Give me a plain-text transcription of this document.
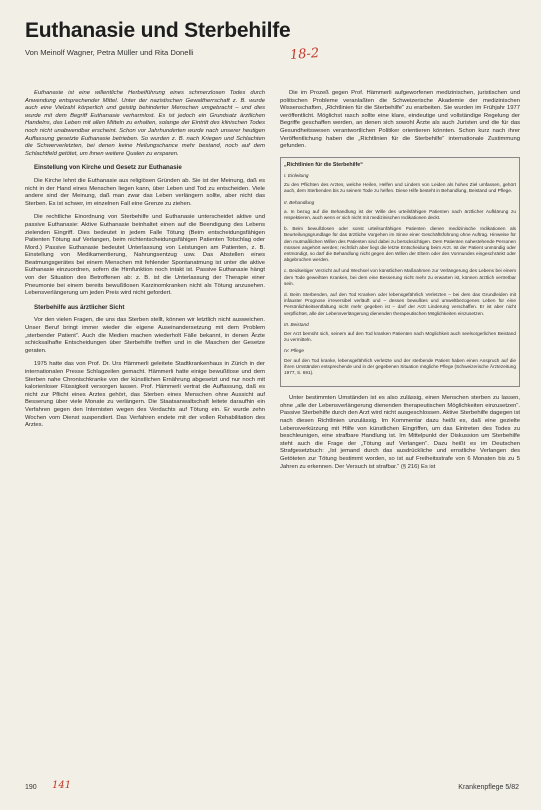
Euthanasie und Sterbehilfe
Von Meinolf Wagner, Petra Müller und Rita Donelli	18-2

Euthanasie ist eine willentliche Herbeiführung eines schmerzlosen Todes durch Anwendung entsprechender Mittel. Unter der nazistischen Gewaltherrschaft z. B. wurde auch eine Vielzahl körperlich und geistig behinderter Menschen umgebracht – und dies wurde mit dem Begriff Euthanasie verharmlost. Es ist jedoch ein Grundsatz ärztlichen Handelns, das Leben mit allen Mitteln zu erhalten, solange der Eintritt des klinischen Todes noch nicht unabwendbar erscheint. Schon vor Jahrhunderten wurde nach unserer heutigen Auffassung gesetzte Euthanasie betrieben. So wurden z. B. nach Kriegen und Schlachten die Schwerverletzten, bei denen keine Heilungschance mehr bestand, noch auf dem Schlachtfeld getötet, um ihnen weitere Qualen zu ersparen.

Einstellung von Kirche und Gesetz zur Euthanasie

Die Kirche lehnt die Euthanasie aus religiösen Gründen ab. Sie ist der Meinung, daß es nicht in der Hand eines Menschen liegen kann, über Leben und Tod zu entscheiden. Viele andere sind der Meinung, daß man zwar das Leben verlängern sollte, aber nicht das Sterben. Es ist schwer, im einzelnen Fall eine Grenze zu ziehen.

Die rechtliche Einordnung von Sterbehilfe und Euthanasie unterscheidet aktive und passive Euthanasie: Aktive Euthanasie beinhaltet einen auf die Beendigung des Lebens zielenden Eingriff. Dies bedeutet in jedem Falle Tötung (Beim entscheidungsfähigen Patienten Tötung auf Verlangen, beim nichtentscheidungsfähigen Patienten Totschlag oder Mord.) Passive Euthanasie bedeutet Unterlassung von Leistungen am Patienten, z. B. Einstellung von Medikamentierung, Nahrungsentzug usw. Das Abstellen eines Beatmungsgerätes bei einem Menschen mit fehlender Spontanatmung ist unter die aktive Euthanasie einzuordnen, sofern die Hirnfunktion noch intakt ist. Passive Euthanasie hängt von der Situation des Betroffenen ab: z. B. ist die Unterlassung der Therapie einer Pneumonie bei einem bereits bewußtlosen Karzinomkranken nicht als Tötung anzusehen. Lebensverlängerung um jeden Preis wird nicht gefordert.

Sterbehilfe aus ärztlicher Sicht

Vor den vielen Fragen, die uns das Sterben stellt, können wir letztlich nicht ausweichen. Unser Beruf bringt immer wieder die eigene Auseinandersetzung mit dem Problem „sterbender Patient“. Auch die Medien machen wiederholt Fälle bekannt, in denen Ärzte schicksalhafte Entscheidungen über Sterbehilfe treffen und in die Maschen der Gesetze geraten.

1975 hatte das von Prof. Dr. Urs Hämmerli geleitete Stadtkrankenhaus in Zürich in der internationalen Presse Schlagzeilen gemacht. Hämmerli hatte einige bewußtlose und dem Sterben nahe Chronischkranke von der künstlichen Ernährung abgesetzt und nur noch mit kalorienloser Flüssigkeit versorgen lassen. Prof. Hämmerli vertrat die Auffassung, daß es nicht zur Pflicht eines Arztes gehört, das Sterben eines Menschen ohne Aussicht auf Besserung über viele Monate zu verlängern. Die Staatsanwaltschaft leitete daraufhin ein Verfahren gegen den Internisten wegen des Verdachts auf Tötung ein. Er wurde zehn Wochen vom Dienst suspendiert. Das Verfahren endete mit der vollen Rehabilitation des Arztes.

Die im Prozeß gegen Prof. Hämmerli aufgeworfenen medizinischen, juristischen und politischen Probleme veranlaßten die Schweizerische Akademie der medizinischen Wissenschaften, „Richtlinien für die Sterbehilfe“ zu erarbeiten. Sie wurden im Frühjahr 1977 veröffentlicht. Möglichst rasch sollte eine klare, eindeutige und vollständige Regelung der Begriffe geschaffen werden, an denen sich sowohl Ärzte als auch Juristen und die für das Gesundheitswesen verantwortlichen Politiker orientieren könnten. Schon kurz nach ihrer Veröffentlichung haben die „Richtlinien für die Sterbehilfe“ internationale Zustimmung gefunden.

„Richtlinien für die Sterbehilfe“
I. Einleitung
Zu den Pflichten des Arztes, welche Heilen, Helfen und Lindern von Leiden als hohes Ziel umfassen, gehört auch, dem Sterbenden bis zu seinem Tode zu helfen. Diese Hilfe besteht in Behandlung, Beistand und Pflege.
II. Behandlung
a. In bezug auf die Behandlung ist der Wille des urteilsfähigen Patienten nach ärztlicher Aufklärung zu respektieren, auch wenn er sich nicht mit medizinischen Indikationen deckt.
b. Beim bewußtlosen oder sonst urteilsunfähigen Patienten dienen medizinische Indikationen als Beurteilungsgrundlage für das ärztliche Vorgehen im Sinne einer Geschäftsführung ohne Auftrag. Hinweise für den mutmaßlichen Willen des Patienten sind dabei zu berücksichtigen. Dem Patienten nahestehende Personen müssen angehört werden; rechtlich aber liegt die letzte Entscheidung beim Arzt. Ist der Patient unmündig oder entmündigt, so darf die Behandlung nicht gegen den Willen der Eltern oder des Vormundes eingeschränkt oder abgebrochen werden.
c. Beidseitiger Verzicht auf und Wechsel von künstlichen Maßnahmen zur Verlängerung des Lebens bei einem dem Tode geweihten Kranken, bei dem eine Besserung nicht mehr zu erwarten ist, können ärztlich vertretbar sein.
d. Beim Sterbenden, auf den Tod Kranken oder lebensgefährlich Verletzten – bei dem das Grundleiden mit infauster Prognose irreversibel verläuft und – dessen bewußtes und umweltbezogenes Leben für eine Persönlichkeitsentfaltung nicht mehr gegeben ist – darf der Arzt Linderung verschaffen. Er ist aber nicht verpflichtet, alle der Lebensverlängerung dienenden therapeutischen Möglichkeiten einzusetzen.
III. Beistand
Der Arzt bemüht sich, seinem auf den Tod kranken Patienten nach Möglichkeit auch seelsorgerlichen Beistand zu vermitteln.
IV. Pflege
Der auf den Tod kranke, lebensgefährlich verletzte und der sterbende Patient haben einen Anspruch auf die ihren Umständen entsprechende und in der gegebenen Situation mögliche Pflege (Schweizerische Ärztezeitung 1977, S. 691).

Unter bestimmten Umständen ist es also zulässig, einen Menschen sterben zu lassen, ohne „alle der Lebensverlängerung dienenden therapeutischen Möglichkeiten einzusetzen“. Passive Sterbehilfe durch den Arzt wird nicht ausgeschlossen. Aktive Sterbehilfe dagegen ist nach diesen Richtlinien unzulässig. Im Kommentar dazu heißt es, daß eine gezielte Lebensverkürzung mit Hilfe von künstlichen Eingriffen, um das Eintreten des Todes zu beschleunigen, eine strafbare Handlung ist. Im Mittelpunkt der Diskussion um Sterbehilfe steht auch die Frage der „Tötung auf Verlangen“. Dazu heißt es im Deutschen Strafgesetzbuch: „Ist jemand durch das ausdrückliche und ernstliche Verlangen des Getöteten zur Tötung bestimmt worden, so ist auf Freiheitsstrafe von 6 Monaten bis zu 5 Jahren zu erkennen. Der Versuch ist strafbar.“ (§ 216) Es ist

190 141	Krankenpflege 5/82
